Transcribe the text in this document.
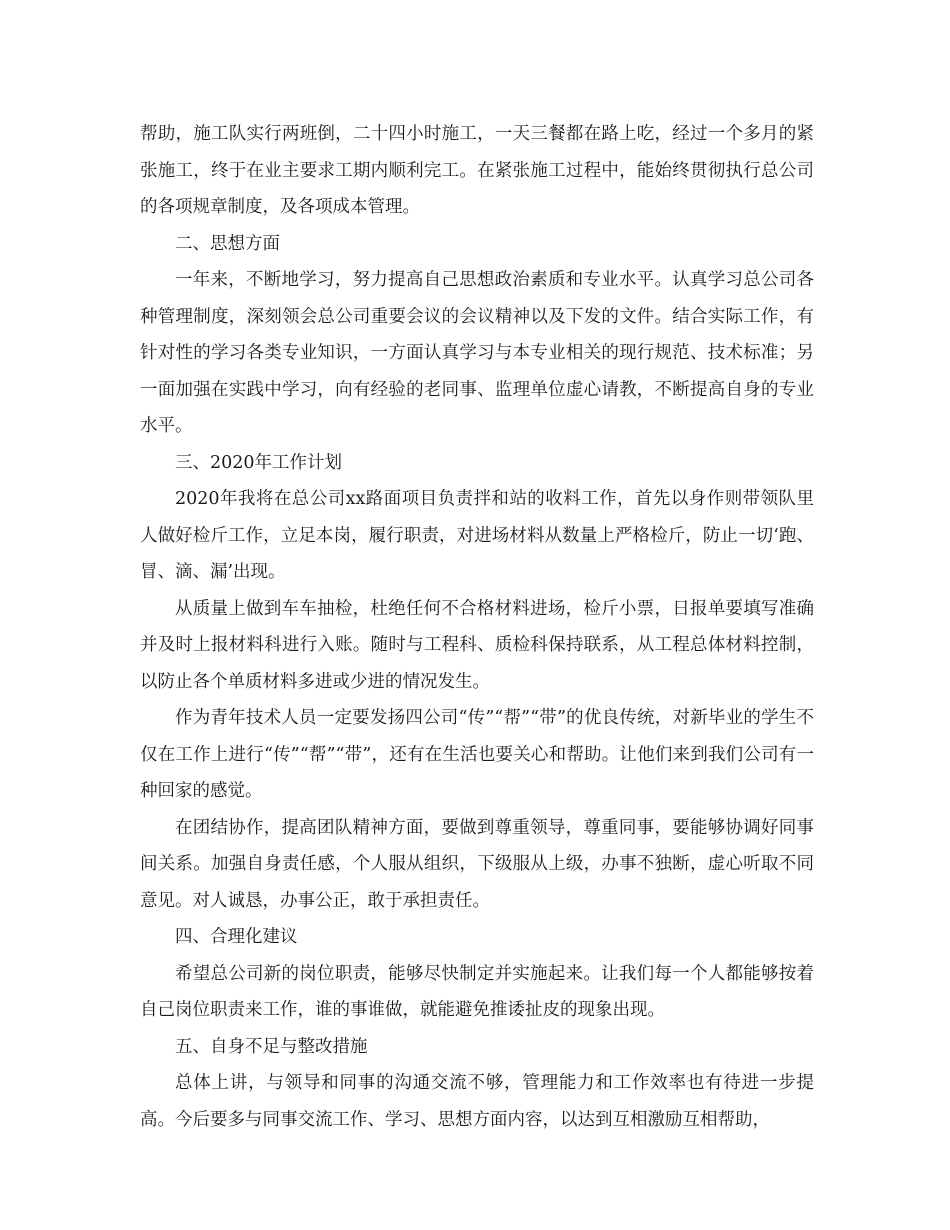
帮助，施工队实行两班倒，二十四小时施工，一天三餐都在路上吃，经过一个多月的紧张施工，终于在业主要求工期内顺利完工。在紧张施工过程中，能始终贯彻执行总公司的各项规章制度，及各项成本管理。

二、思想方面

一年来，不断地学习，努力提高自己思想政治素质和专业水平。认真学习总公司各种管理制度，深刻领会总公司重要会议的会议精神以及下发的文件。结合实际工作，有针对性的学习各类专业知识，一方面认真学习与本专业相关的现行规范、技术标准；另一面加强在实践中学习，向有经验的老同事、监理单位虚心请教，不断提高自身的专业水平。

三、2020年工作计划

2020年我将在总公司xx路面项目负责拌和站的收料工作，首先以身作则带领队里人做好检斤工作，立足本岗，履行职责，对进场材料从数量上严格检斤，防止一切‘跑、冒、滴、漏’出现。

从质量上做到车车抽检，杜绝任何不合格材料进场，检斤小票，日报单要填写准确并及时上报材料科进行入账。随时与工程科、质检科保持联系，从工程总体材料控制，以防止各个单质材料多进或少进的情况发生。

作为青年技术人员一定要发扬四公司“传”“帮”“带”的优良传统，对新毕业的学生不仅在工作上进行“传”“帮”“带”，还有在生活也要关心和帮助。让他们来到我们公司有一种回家的感觉。

在团结协作，提高团队精神方面，要做到尊重领导，尊重同事，要能够协调好同事间关系。加强自身责任感，个人服从组织，下级服从上级，办事不独断，虚心听取不同意见。对人诚恳，办事公正，敢于承担责任。

四、合理化建议

希望总公司新的岗位职责，能够尽快制定并实施起来。让我们每一个人都能够按着自己岗位职责来工作，谁的事谁做，就能避免推诿扯皮的现象出现。

五、自身不足与整改措施

总体上讲，与领导和同事的沟通交流不够，管理能力和工作效率也有待进一步提高。今后要多与同事交流工作、学习、思想方面内容，以达到互相激励互相帮助，
